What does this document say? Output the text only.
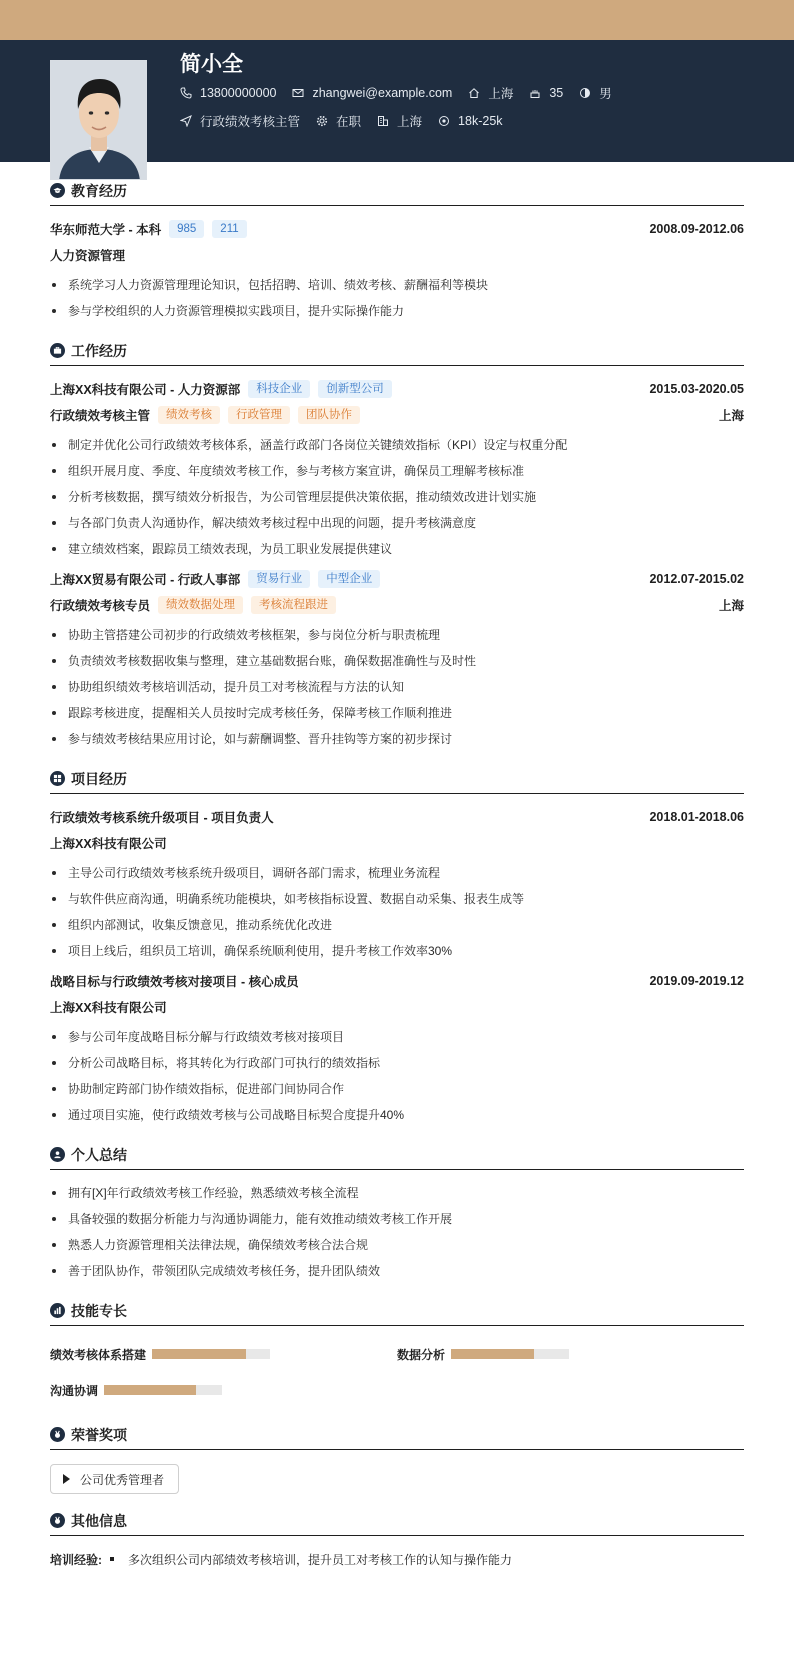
简小全
13800000000	zhangwei@example.com	上海	35	男
行政绩效考核主管	在职	上海	18k-25k
教育经历
华东师范大学 - 本科	985	211	2008.09-2012.06
人力资源管理
系统学习人力资源管理理论知识，包括招聘、培训、绩效考核、薪酬福利等模块
参与学校组织的人力资源管理模拟实践项目，提升实际操作能力
工作经历
上海XX科技有限公司 - 人力资源部	科技企业	创新型公司	2015.03-2020.05
行政绩效考核主管	绩效考核	行政管理	团队协作	上海
制定并优化公司行政绩效考核体系，涵盖行政部门各岗位关键绩效指标（KPI）设定与权重分配
组织开展月度、季度、年度绩效考核工作，参与考核方案宣讲，确保员工理解考核标准
分析考核数据，撰写绩效分析报告，为公司管理层提供决策依据，推动绩效改进计划实施
与各部门负责人沟通协作，解决绩效考核过程中出现的问题，提升考核满意度
建立绩效档案，跟踪员工绩效表现，为员工职业发展提供建议
上海XX贸易有限公司 - 行政人事部	贸易行业	中型企业	2012.07-2015.02
行政绩效考核专员	绩效数据处理	考核流程跟进	上海
协助主管搭建公司初步的行政绩效考核框架，参与岗位分析与职责梳理
负责绩效考核数据收集与整理，建立基础数据台账，确保数据准确性与及时性
协助组织绩效考核培训活动，提升员工对考核流程与方法的认知
跟踪考核进度，提醒相关人员按时完成考核任务，保障考核工作顺利推进
参与绩效考核结果应用讨论，如与薪酬调整、晋升挂钩等方案的初步探讨
项目经历
行政绩效考核系统升级项目 - 项目负责人	2018.01-2018.06
上海XX科技有限公司
主导公司行政绩效考核系统升级项目，调研各部门需求，梳理业务流程
与软件供应商沟通，明确系统功能模块，如考核指标设置、数据自动采集、报表生成等
组织内部测试，收集反馈意见，推动系统优化改进
项目上线后，组织员工培训，确保系统顺利使用，提升考核工作效率30%
战略目标与行政绩效考核对接项目 - 核心成员	2019.09-2019.12
上海XX科技有限公司
参与公司年度战略目标分解与行政绩效考核对接项目
分析公司战略目标，将其转化为行政部门可执行的绩效指标
协助制定跨部门协作绩效指标，促进部门间协同合作
通过项目实施，使行政绩效考核与公司战略目标契合度提升40%
个人总结
拥有[X]年行政绩效考核工作经验，熟悉绩效考核全流程
具备较强的数据分析能力与沟通协调能力，能有效推动绩效考核工作开展
熟悉人力资源管理相关法律法规，确保绩效考核合法合规
善于团队协作，带领团队完成绩效考核任务，提升团队绩效
技能专长
绩效考核体系搭建	数据分析
沟通协调
荣誉奖项
公司优秀管理者
其他信息
培训经验: 多次组织公司内部绩效考核培训，提升员工对考核工作的认知与操作能力
